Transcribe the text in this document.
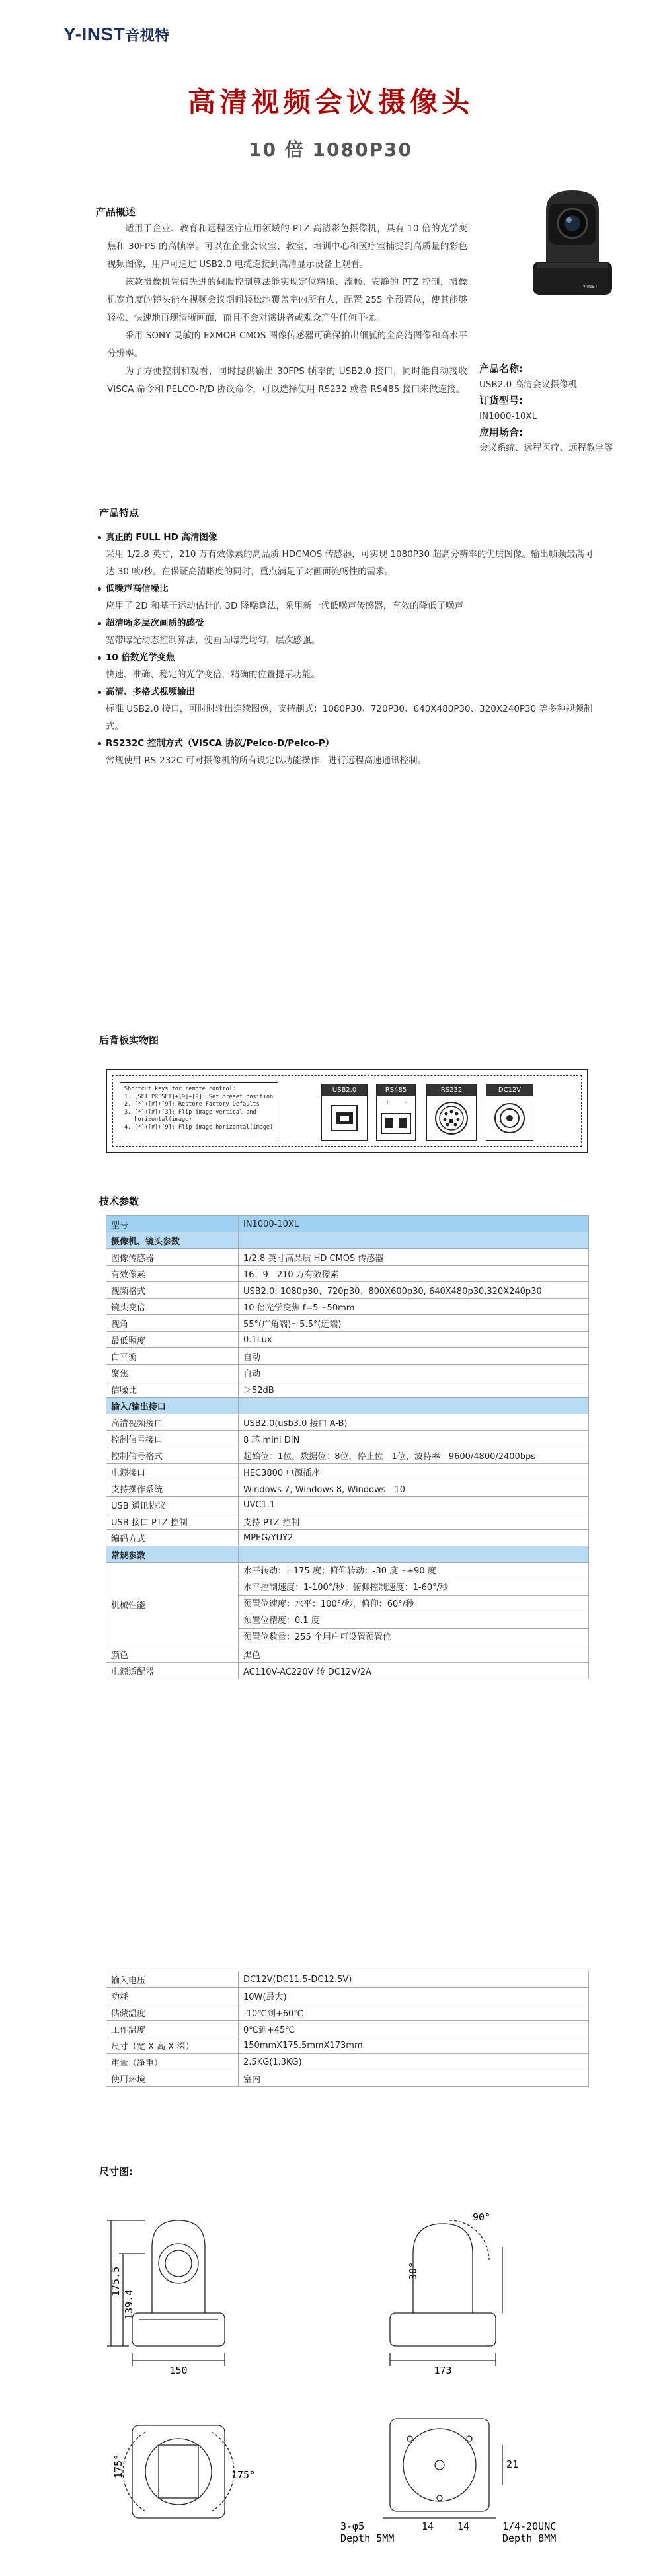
Y-INST音视特
高清视频会议摄像头
10 倍 1080P30
产品概述

适用于企业、教育和远程医疗应用领域的 PTZ 高清彩色摄像机，具有 10 倍的光学变焦和 30FPS 的高帧率。可以在企业会议室、教室、培训中心和医疗室捕捉到高质量的彩色视频图像，用户可通过 USB2.0 电缆连接到高清显示设备上观看。

该款摄像机凭借先进的伺服控制算法能实现定位精确、流畅、安静的 PTZ 控制，摄像机宽角度的镜头能在视频会议期间轻松地覆盖室内所有人，配置 255 个预置位，使其能够轻松、快速地再现清晰画面，而且不会对演讲者或观众产生任何干扰。

采用 SONY 灵敏的 EXMOR CMOS 图像传感器可确保拍出细腻的全高清图像和高水平分辨率。

为了方便控制和观看，同时提供输出 30FPS 帧率的 USB2.0 接口，同时能自动接收 VISCA 命令和 PELCO-P/D 协议命令，可以选择使用 RS232 或者 RS485 接口来做连接。

Y-INST
产品名称:
USB2.0 高清会议摄像机
订货型号:
IN1000-10XL
应用场合:
会议系统、远程医疗、远程教学等
产品特点
真正的 FULL HD 高清图像
采用 1/2.8 英寸，210 万有效像素的高品质 HDCMOS 传感器，可实现 1080P30 超高分辨率的优质图像。输出帧频最高可达 30 帧/秒。在保证高清晰度的同时，重点满足了对画面流畅性的需求。
低噪声高信噪比
应用了 2D 和基于运动估计的 3D 降噪算法，采用新一代低噪声传感器，有效的降低了噪声
超清晰多层次画质的感受
宽带曝光动态控制算法，使画面曝光均匀，层次感强。
10 倍数光学变焦
快速、准确、稳定的光学变倍，精确的位置提示功能。
高清、多格式视频输出
标准 USB2.0 接口，可时时输出连续图像，支持制式：1080P30、720P30、640X480P30、320X240P30 等多种视频制式。
RS232C 控制方式（VISCA 协议/Pelco-D/Pelco-P）
常规使用 RS-232C 可对摄像机的所有设定以功能操作，进行远程高速通讯控制。
后背板实物图
Shortcut keys for remote control:
1. [SET PRESET]+[9]+[9]: Set preset position
2. [*]+[#]+[9]: Restore Factory Defaults
3. [*]+[#]+[3]: Flip image vertical and
horizontal(image)
4. [*]+[#]+[9]: Flip image horizontal(image)
USB2.0	RS485
+ -
RS232	DC12V
技术参数
型号	IN1000-10XL
摄像机、镜头参数	
图像传感器	1/2.8 英寸高品质 HD CMOS 传感器
有效像素	16：9　210 万有效像素
视频格式	USB2.0: 1080p30、720p30、800X600p30, 640X480p30,320X240p30
镜头变倍	10 倍光学变焦 f=5～50mm
视角	55°(广角端)～5.5°(远端)
最低照度	0.1Lux
白平衡	自动
聚焦	自动
信噪比	＞52dB
输入/输出接口	
高清视频接口	USB2.0(usb3.0 接口 A-B)
控制信号接口	8 芯 mini DIN
控制信号格式	起始位：1位，数据位：8位，停止位：1位，波特率：9600/4800/2400bps
电源接口	HEC3800 电源插座
支持操作系统	Windows 7, Windows 8, Windows　10
USB 通讯协议	UVC1.1
USB 接口 PTZ 控制	支持 PTZ 控制
编码方式	MPEG/YUY2
常规参数	
机械性能	水平转动：±175 度；俯仰转动：-30 度～+90 度
水平控制速度：1-100°/秒；俯仰控制速度：1-60°/秒
预置位速度：水平：100°/秒，俯仰：60°/秒
预置位精度：0.1 度
预置位数量：255 个用户可设置预置位

颜色	黑色
电源适配器	AC110V-AC220V 转 DC12V/2A
输入电压	DC12V(DC11.5-DC12.5V)
功耗	10W(最大)
储藏温度	-10℃到+60℃
工作温度	0℃到+45℃
尺寸（宽 X 高 X 深）	150mmX175.5mmX173mm
重量（净重）	2.5KG(1.3KG)
使用环境	室内
尺寸图:
150
175.5
139.4
173
90°
30°
175°	175°
14 14
21
3-φ5
Depth 5MM
1/4-20UNC
Depth 8MM
